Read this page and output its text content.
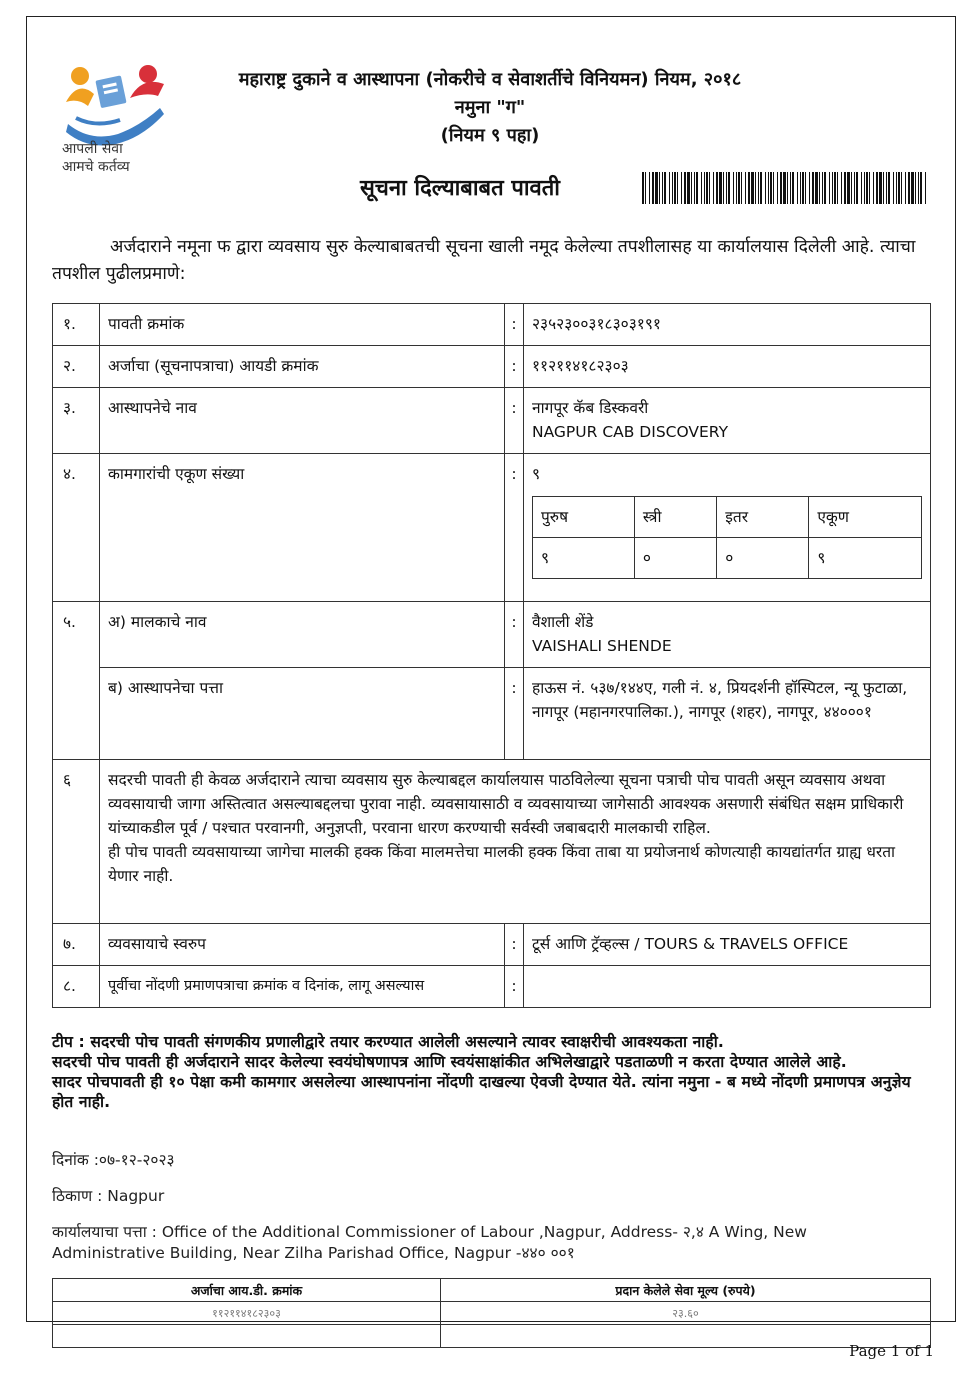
आपली सेवा
आमचे कर्तव्य
महाराष्ट्र दुकाने व आस्थापना (नोकरीचे व सेवाशर्तीचे विनियमन) नियम, २०१८
नमुना "ग"
(नियम ९ पहा)
सूचना दिल्याबाबत पावती
अर्जदाराने नमूना फ द्वारा व्यवसाय सुरु केल्याबाबतची सूचना खाली नमूद केलेल्या तपशीलासह या कार्यालयास दिलेली आहे. त्याचा तपशील पुढीलप्रमाणे:
१.	पावती क्रमांक	:	२३५२३००३१८३०३१९१
२.	अर्जाचा (सूचनापत्राचा) आयडी क्रमांक	:	११२११४१८२३०३
३.	आस्थापनेचे नाव	:	नागपूर कॅब डिस्कवरी
NAGPUR CAB DISCOVERY

४.	कामगारांची एकूण संख्या	:	९
पुरुष	स्त्री	इतर	एकूण
९	०	०	९

५.	अ) मालकाचे नाव	:	वैशाली शेंडे
VAISHALI SHENDE

ब) आस्थापनेचा पत्ता	:	हाऊस नं. ५३७/१४४ए, गली नं. ४, प्रियदर्शनी हॉस्पिटल, न्यू फुटाळा, नागपूर (महानगरपालिका.), नागपूर (शहर), नागपूर, ४४०००१
६	सदरची पावती ही केवळ अर्जदाराने त्याचा व्यवसाय सुरु केल्याबद्दल कार्यालयास पाठविलेल्या सूचना पत्राची पोच पावती असून व्यवसाय अथवा व्यवसायाची जागा अस्तित्वात असल्याबद्दलचा पुरावा नाही. व्यवसायासाठी व व्यवसायाच्या जागेसाठी आवश्यक असणारी संबंधित सक्षम प्राधिकारी यांच्याकडील पूर्व / पश्चात परवानगी, अनुज्ञप्ती, परवाना धारण करण्याची सर्वस्वी जबाबदारी मालकाची राहिल.
ही पोच पावती व्यवसायाच्या जागेचा मालकी हक्क किंवा मालमत्तेचा मालकी हक्क किंवा ताबा या प्रयोजनार्थ कोणत्याही कायद्यांतर्गत ग्राह्य धरता येणार नाही.

७.	व्यवसायाचे स्वरुप	:	टूर्स आणि ट्रॅव्हल्स / TOURS & TRAVELS OFFICE
८.	पूर्वीचा नोंदणी प्रमाणपत्राचा क्रमांक व दिनांक, लागू असल्यास	:	
टीप : सदरची पोच पावती संगणकीय प्रणालीद्वारे तयार करण्यात आलेली असल्याने त्यावर स्वाक्षरीची आवश्यकता नाही.
सदरची पोच पावती ही अर्जदाराने सादर केलेल्या स्वयंघोषणापत्र आणि स्वयंसाक्षांकीत अभिलेखाद्वारे पडताळणी न करता देण्यात आलेले आहे.
सादर पोचपावती ही १० पेक्षा कमी कामगार असलेल्या आस्थापनांना नोंदणी दाखल्या ऐवजी देण्यात येते. त्यांना नमुना - ब मध्ये नोंदणी प्रमाणपत्र अनुज्ञेय होत नाही.
दिनांक :०७-१२-२०२३
ठिकाण : Nagpur
कार्यालयाचा पत्ता : Office of the Additional Commissioner of Labour ,Nagpur, Address- २,४ A Wing, New Administrative Building, Near Zilha Parishad Office, Nagpur -४४० ००१
अर्जाचा आय.डी. क्रमांक	प्रदान केलेले सेवा मूल्य (रुपये)
११२११४१८२३०३	२३.६०

Page 1 of 1
